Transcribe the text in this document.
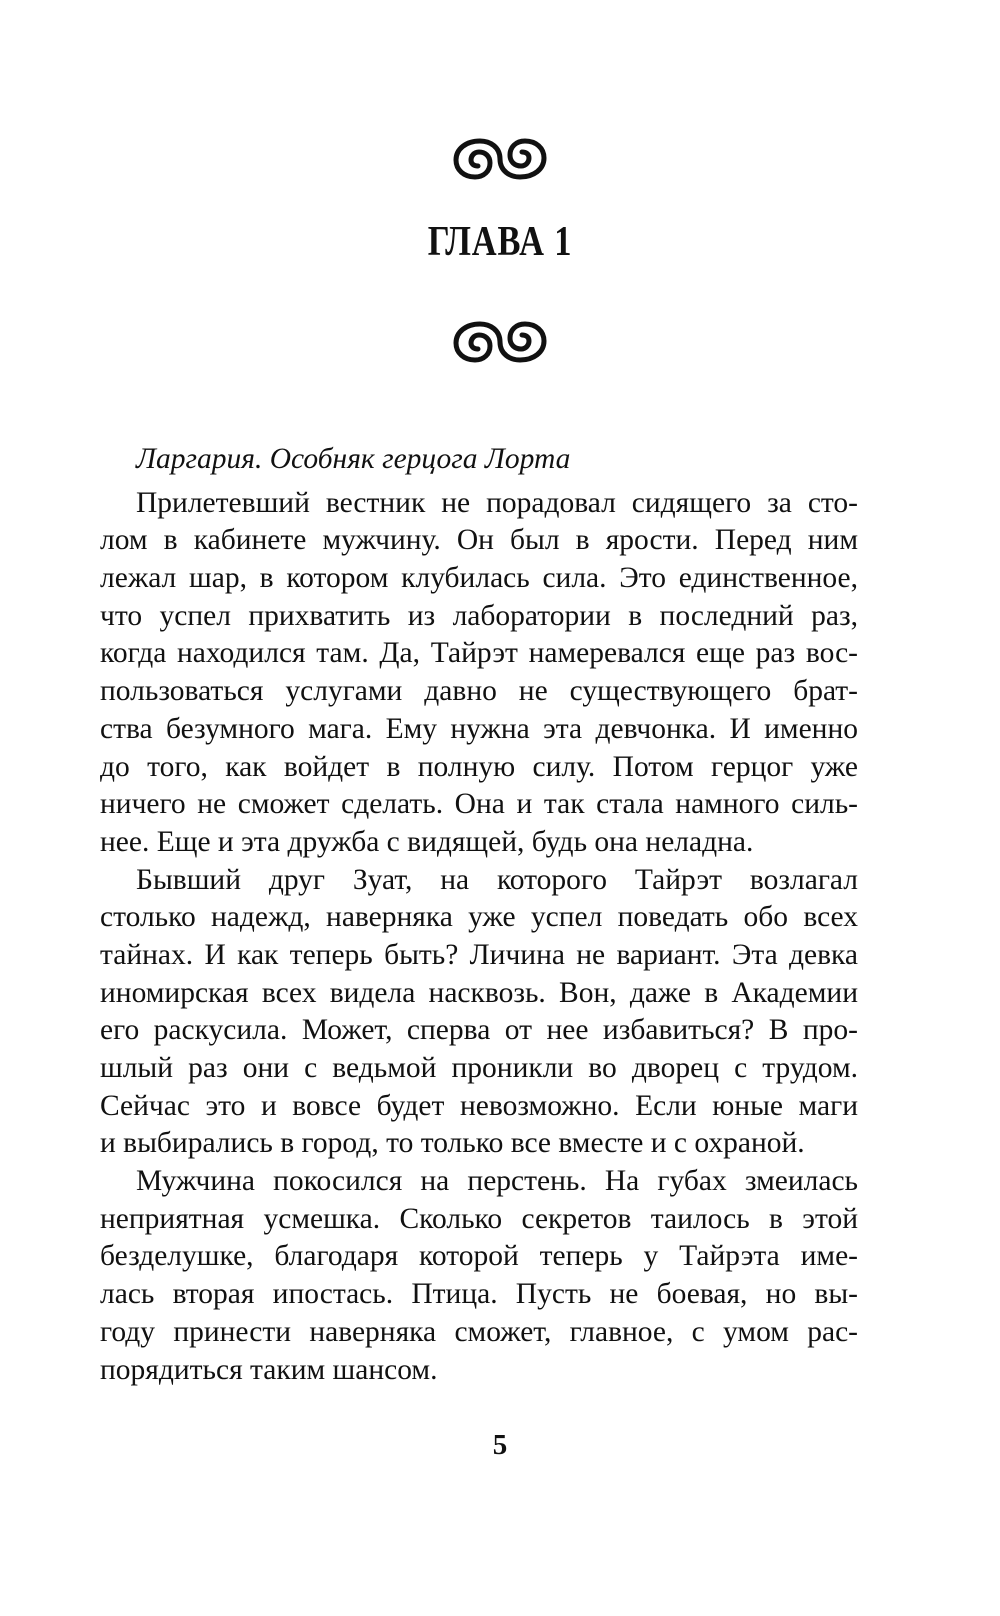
ГЛАВА 1
Ларгария. Особняк герцога Лорта
Прилетевший вестник не порадовал сидящего за сто-
лом в кабинете мужчину. Он был в ярости. Перед ним
лежал шар, в котором клубилась сила. Это единственное,
что успел прихватить из лаборатории в последний раз,
когда находился там. Да, Тайрэт намеревался еще раз вос-
пользоваться услугами давно не существующего брат-
ства безумного мага. Ему нужна эта девчонка. И именно
до того, как войдет в полную силу. Потом герцог уже
ничего не сможет сделать. Она и так стала намного силь-
нее. Еще и эта дружба с видящей, будь она неладна.
Бывший друг Зуат, на которого Тайрэт возлагал
столько надежд, наверняка уже успел поведать обо всех
тайнах. И как теперь быть? Личина не вариант. Эта девка
иномирская всех видела насквозь. Вон, даже в Академии
его раскусила. Может, сперва от нее избавиться? В про-
шлый раз они с ведьмой проникли во дворец с трудом.
Сейчас это и вовсе будет невозможно. Если юные маги
и выбирались в город, то только все вместе и с охраной.
Мужчина покосился на перстень. На губах змеилась
неприятная усмешка. Сколько секретов таилось в этой
безделушке, благодаря которой теперь у Тайрэта име-
лась вторая ипостась. Птица. Пусть не боевая, но вы-
году принести наверняка сможет, главное, с умом рас-
порядиться таким шансом.
5
